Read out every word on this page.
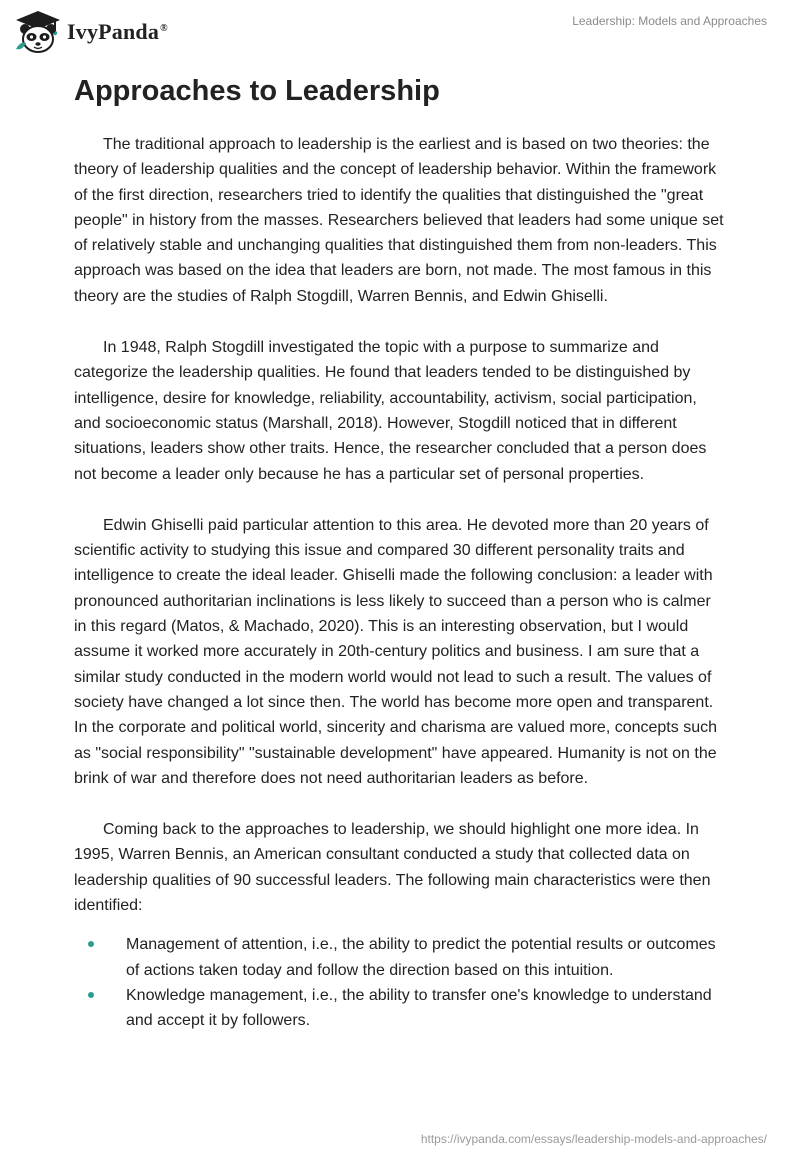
IvyPanda®
Leadership: Models and Approaches
Approaches to Leadership

The traditional approach to leadership is the earliest and is based on two theories: the theory of leadership qualities and the concept of leadership behavior. Within the framework of the first direction, researchers tried to identify the qualities that distinguished the "great people" in history from the masses. Researchers believed that leaders had some unique set of relatively stable and unchanging qualities that distinguished them from non-leaders. This approach was based on the idea that leaders are born, not made. The most famous in this theory are the studies of Ralph Stogdill, Warren Bennis, and Edwin Ghiselli.

In 1948, Ralph Stogdill investigated the topic with a purpose to summarize and categorize the leadership qualities. He found that leaders tended to be distinguished by intelligence, desire for knowledge, reliability, accountability, activism, social participation, and socioeconomic status (Marshall, 2018). However, Stogdill noticed that in different situations, leaders show other traits. Hence, the researcher concluded that a person does not become a leader only because he has a particular set of personal properties.

Edwin Ghiselli paid particular attention to this area. He devoted more than 20 years of scientific activity to studying this issue and compared 30 different personality traits and intelligence to create the ideal leader. Ghiselli made the following conclusion: a leader with pronounced authoritarian inclinations is less likely to succeed than a person who is calmer in this regard (Matos, & Machado, 2020). This is an interesting observation, but I would assume it worked more accurately in 20th-century politics and business. I am sure that a similar study conducted in the modern world would not lead to such a result. The values of society have changed a lot since then. The world has become more open and transparent. In the corporate and political world, sincerity and charisma are valued more, concepts such as "social responsibility" "sustainable development" have appeared. Humanity is not on the brink of war and therefore does not need authoritarian leaders as before.

Coming back to the approaches to leadership, we should highlight one more idea. In 1995, Warren Bennis, an American consultant conducted a study that collected data on leadership qualities of 90 successful leaders. The following main characteristics were then identified:

Management of attention, i.e., the ability to predict the potential results or outcomes of actions taken today and follow the direction based on this intuition.
Knowledge management, i.e., the ability to transfer one's knowledge to understand and accept it by followers.
https://ivypanda.com/essays/leadership-models-and-approaches/
